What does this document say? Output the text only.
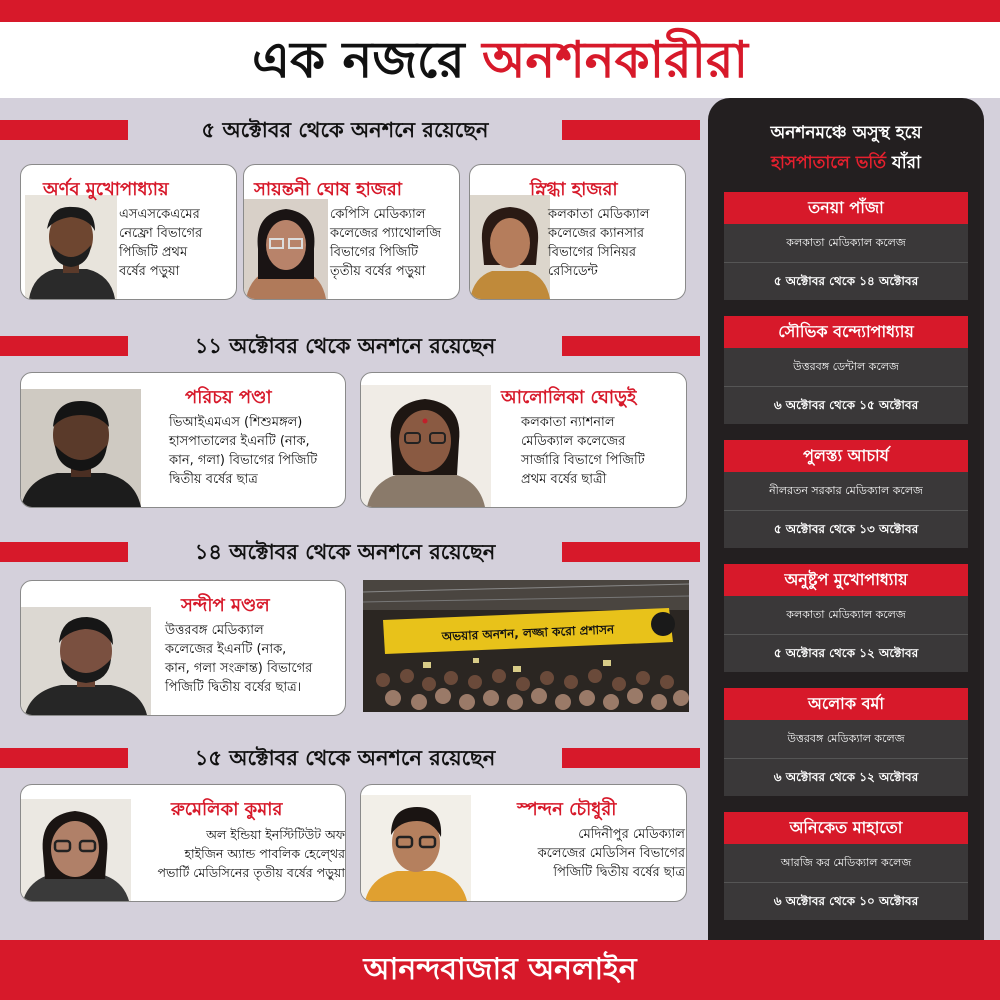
এক নজরে অনশনকারীরা
৫ অক্টোবর থেকে অনশনে রয়েছেন
অর্ণব মুখোপাধ্যায়
এসএসকেএমের
নেফ্রো বিভাগের
পিজিটি প্রথম
বর্ষের পড়ুয়া
সায়ন্তনী ঘোষ হাজরা
কেপিসি মেডিক্যাল
কলেজের প্যাথোলজি
বিভাগের পিজিটি
তৃতীয় বর্ষের পড়ুয়া
স্নিগ্ধা হাজরা
কলকাতা মেডিক্যাল
কলেজের ক্যানসার
বিভাগের সিনিয়র
রেসিডেন্ট
১১ অক্টোবর থেকে অনশনে রয়েছেন
পরিচয় পণ্ডা
ভিআইএমএস (শিশুমঙ্গল)
হাসপাতালের ইএনটি (নাক,
কান, গলা) বিভাগের পিজিটি
দ্বিতীয় বর্ষের ছাত্র
আলোলিকা ঘোড়ুই
কলকাতা ন্যাশনাল
মেডিক্যাল কলেজের
সার্জারি বিভাগে পিজিটি
প্রথম বর্ষের ছাত্রী
১৪ অক্টোবর থেকে অনশনে রয়েছেন
সন্দীপ মণ্ডল
উত্তরবঙ্গ মেডিক্যাল
কলেজের ইএনটি (নাক,
কান, গলা সংক্রান্ত) বিভাগের
পিজিটি দ্বিতীয় বর্ষের ছাত্র।
অভয়ার অনশন, লজ্জা করো প্রশাসন
১৫ অক্টোবর থেকে অনশনে রয়েছেন
রুমেলিকা কুমার
অল ইন্ডিয়া ইনস্টিটিউট অফ
হাইজিন অ্যান্ড পাবলিক হেল্থের
পভার্টি মেডিসিনের তৃতীয় বর্ষের পড়ুয়া
স্পন্দন চৌধুরী
মেদিনীপুর মেডিক্যাল
কলেজের মেডিসিন বিভাগের
পিজিটি দ্বিতীয় বর্ষের ছাত্র
অনশনমঞ্চে অসুস্থ হয়ে
হাসপাতালে ভর্তি যাঁরা
তনয়া পাঁজা
কলকাতা মেডিক্যাল কলেজ
৫ অক্টোবর থেকে ১৪ অক্টোবর
সৌভিক বন্দ্যোপাধ্যায়
উত্তরবঙ্গ ডেন্টাল কলেজ
৬ অক্টোবর থেকে ১৫ অক্টোবর
পুলস্ত্য আচার্য
নীলরতন সরকার মেডিক্যাল কলেজ
৫ অক্টোবর থেকে ১৩ অক্টোবর
অনুষ্টুপ মুখোপাধ্যায়
কলকাতা মেডিক্যাল কলেজ
৫ অক্টোবর থেকে ১২ অক্টোবর
অলোক বর্মা
উত্তরবঙ্গ মেডিক্যাল কলেজ
৬ অক্টোবর থেকে ১২ অক্টোবর
অনিকেত মাহাতো
আরজি কর মেডিক্যাল কলেজ
৬ অক্টোবর থেকে ১০ অক্টোবর
আনন্দবাজার অনলাইন
